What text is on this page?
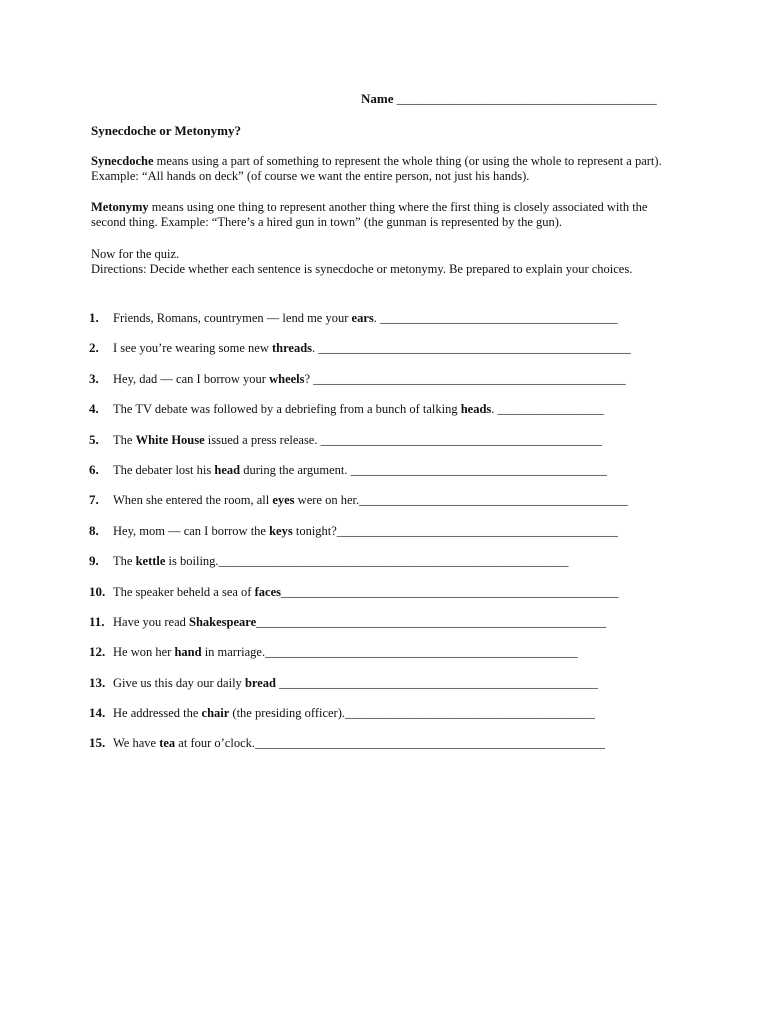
Name ________________________________________
Synecdoche or Metonymy?
Synecdoche means using a part of something to represent the whole thing (or using the whole to represent a part). Example: “All hands on deck” (of course we want the entire person, not just his hands).
Metonymy means using one thing to represent another thing where the first thing is closely associated with the second thing. Example: “There’s a hired gun in town” (the gunman is represented by the gun).
Now for the quiz.
Directions: Decide whether each sentence is synecdoche or metonymy. Be prepared to explain your choices.
1. Friends, Romans, countrymen — lend me your ears. ______________________________________
2. I see you’re wearing some new threads. __________________________________________________
3. Hey, dad — can I borrow your wheels? __________________________________________________
4. The TV debate was followed by a debriefing from a bunch of talking heads. _________________
5. The White House issued a press release. _____________________________________________
6. The debater lost his head during the argument. _________________________________________
7. When she entered the room, all eyes were on her.___________________________________________
8. Hey, mom — can I borrow the keys tonight?_____________________________________________
9. The kettle is boiling.________________________________________________________
10. The speaker beheld a sea of faces______________________________________________________
11. Have you read Shakespeare________________________________________________________
12. He won her hand in marriage.__________________________________________________
13. Give us this day our daily bread ___________________________________________________
14. He addressed the chair (the presiding officer).________________________________________
15. We have tea at four o’clock.________________________________________________________
